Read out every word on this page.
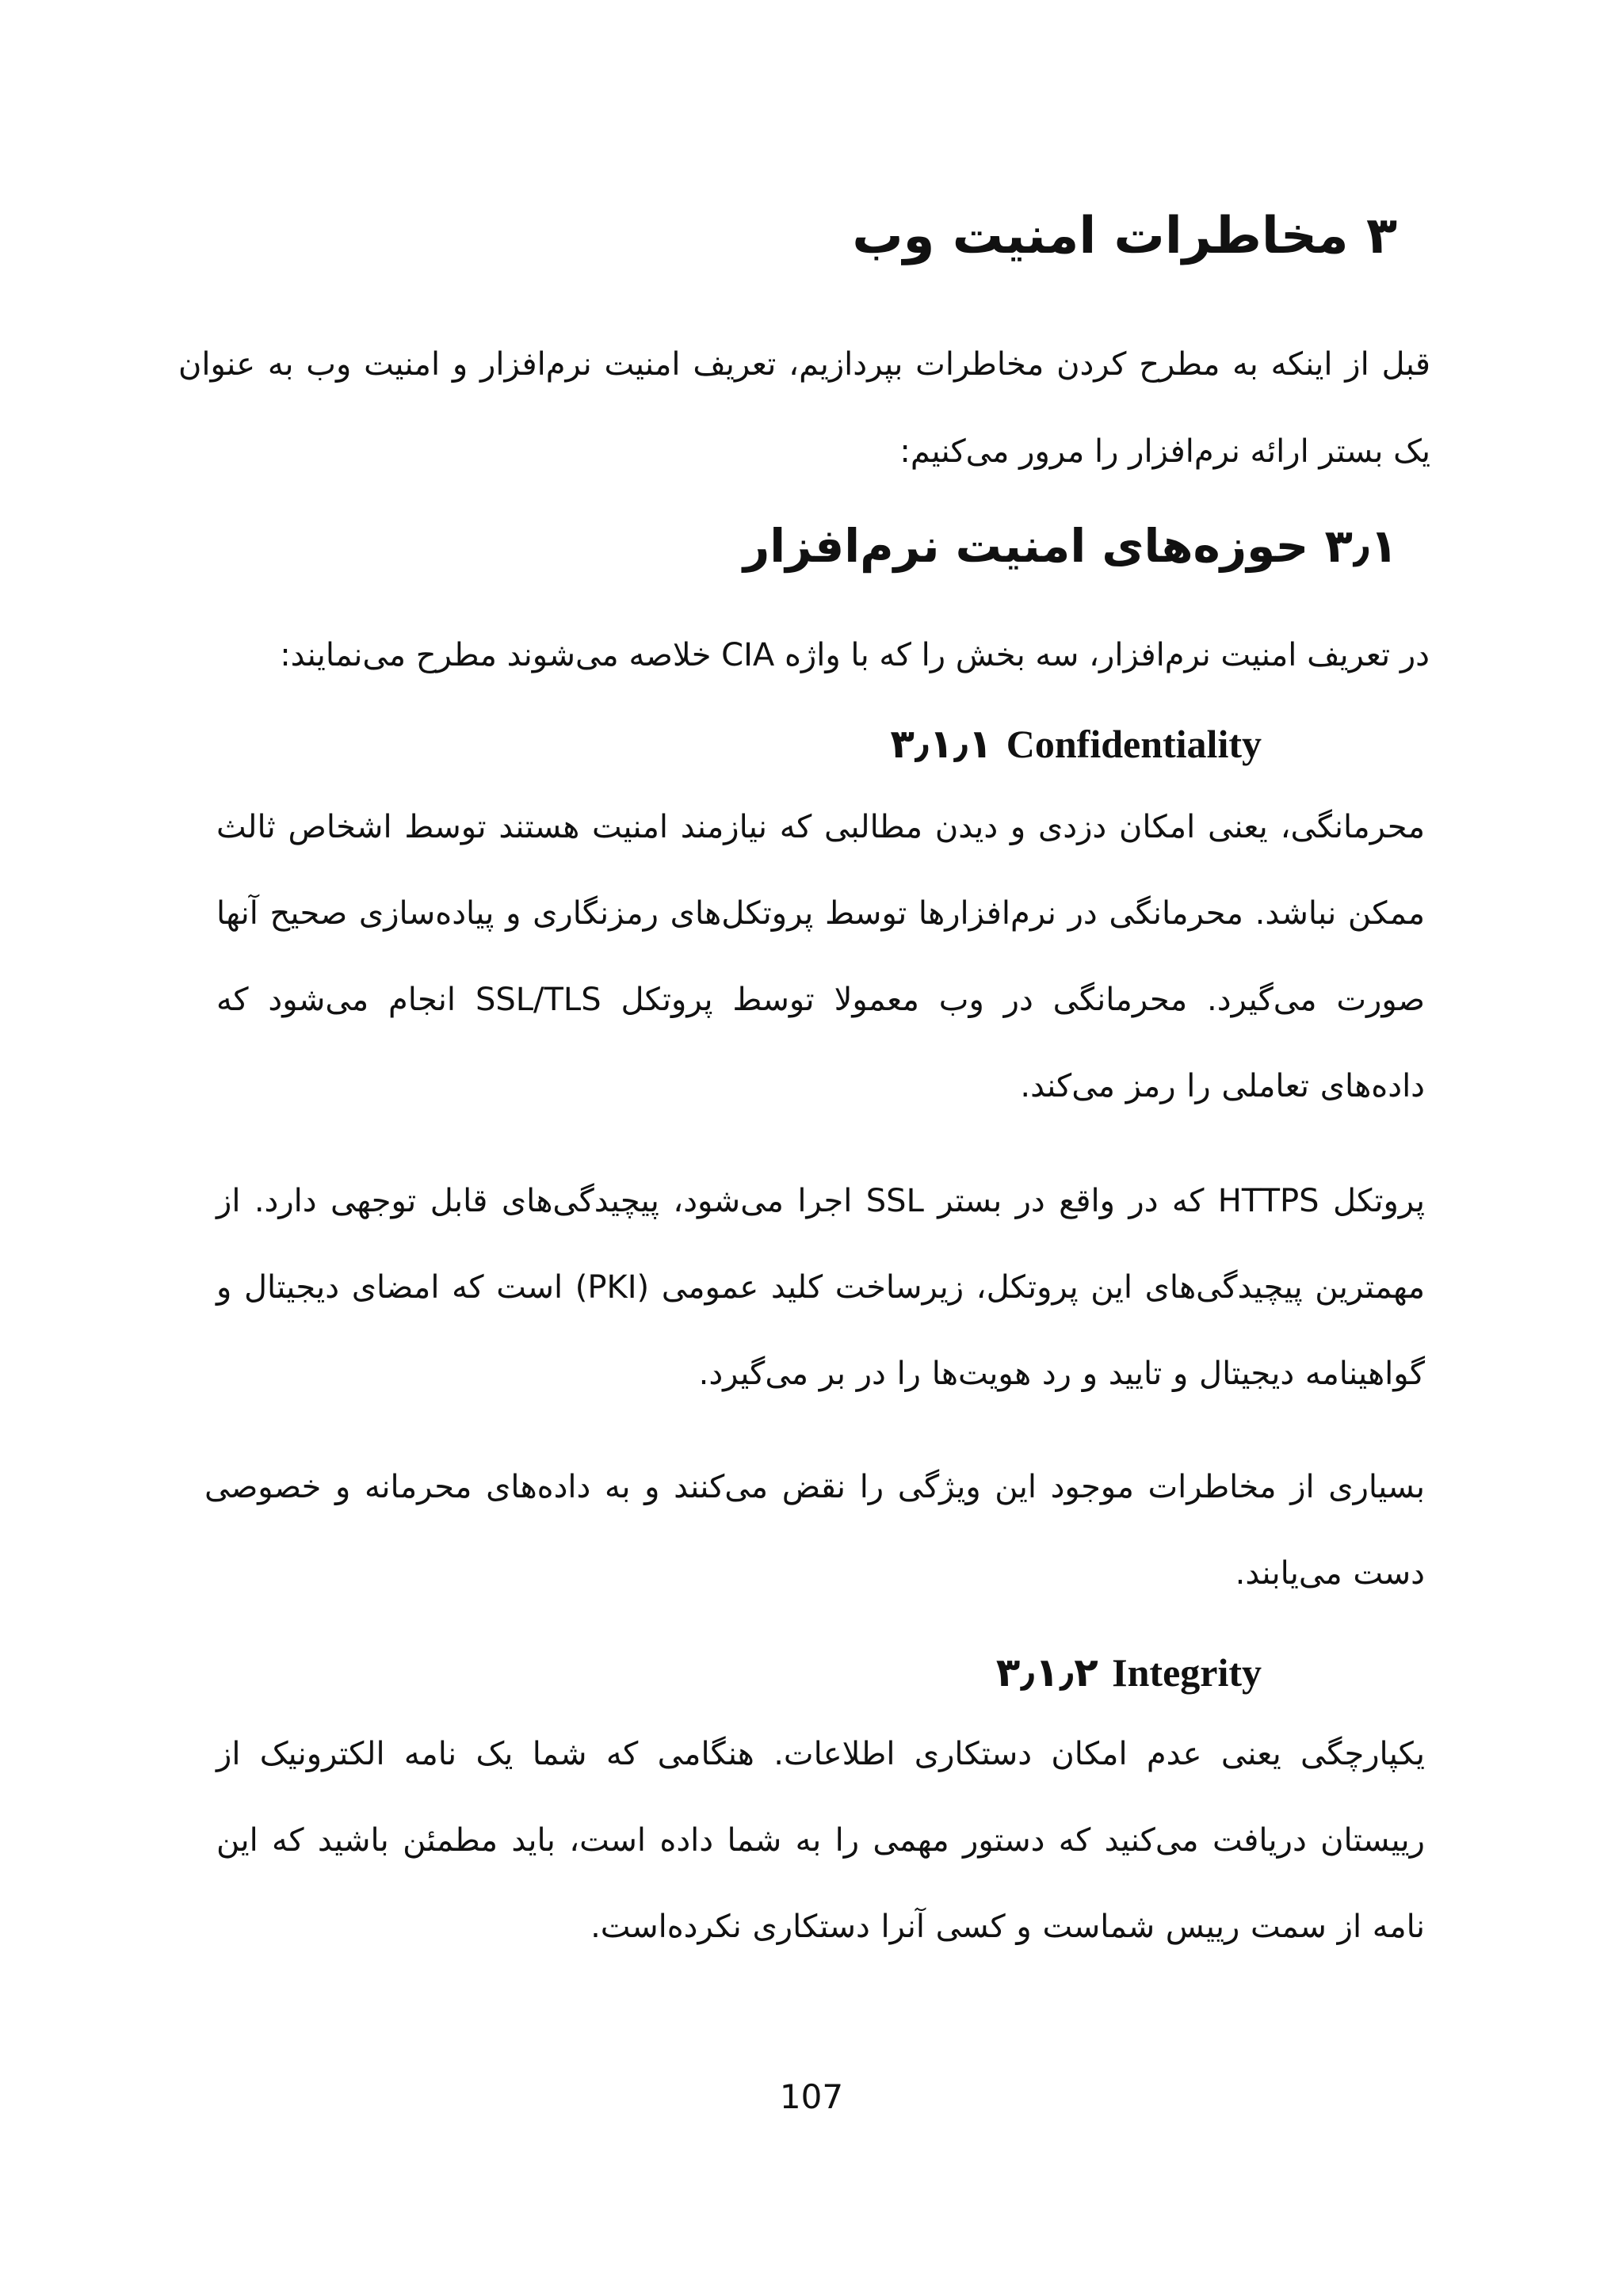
۳ مخاطرات امنیت وب
قبل از اینکه به مطرح کردن مخاطرات بپردازیم، تعریف امنیت نرم‌افزار و امنیت وب به عنوان یک بستر ارائه نرم‌افزار را مرور می‌کنیم:
۳٫۱ حوزه‌های امنیت نرم‌افزار
در تعریف امنیت نرم‌افزار، سه بخش را که با واژه CIA خلاصه می‌شوند مطرح می‌نمایند:
۳٫۱٫۱ Confidentiality
محرمانگی، یعنی امکان دزدی و دیدن مطالبی که نیازمند امنیت هستند توسط اشخاص ثالث ممکن نباشد. محرمانگی در نرم‌افزارها توسط پروتکل‌های رمزنگاری و پیاده‌سازی صحیح آنها صورت می‌گیرد. محرمانگی در وب معمولا توسط پروتکل SSL/TLS انجام می‌شود که داده‌های تعاملی را رمز می‌کند.
پروتکل HTTPS که در واقع در بستر SSL اجرا می‌شود، پیچیدگی‌های قابل توجهی دارد. از مهمترین پیچیدگی‌های این پروتکل، زیرساخت کلید عمومی (PKI) است که امضای دیجیتال و گواهینامه دیجیتال و تایید و رد هویت‌ها را در بر می‌گیرد.
بسیاری از مخاطرات موجود این ویژگی را نقض می‌کنند و به داده‌های محرمانه و خصوصی دست می‌یابند.
۳٫۱٫۲ Integrity
یکپارچگی یعنی عدم امکان دستکاری اطلاعات. هنگامی که شما یک نامه الکترونیک از رییستان دریافت می‌کنید که دستور مهمی را به شما داده است، باید مطمئن باشید که این نامه از سمت رییس شماست و کسی آنرا دستکاری نکرده‌است.
107
